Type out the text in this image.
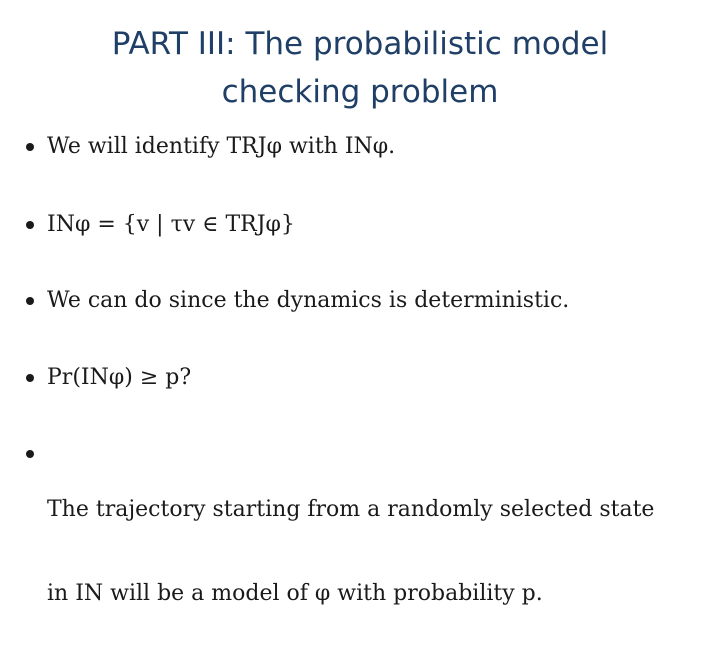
PART III: The probabilistic model
checking problem
We will identify TRJφ with INφ.
INφ = {v | τv ∈ TRJφ}
We can do since the dynamics is deterministic.
Pr(INφ) ≥ p?

The trajectory starting from a randomly selected state

in IN will be a model of φ with probability p.
